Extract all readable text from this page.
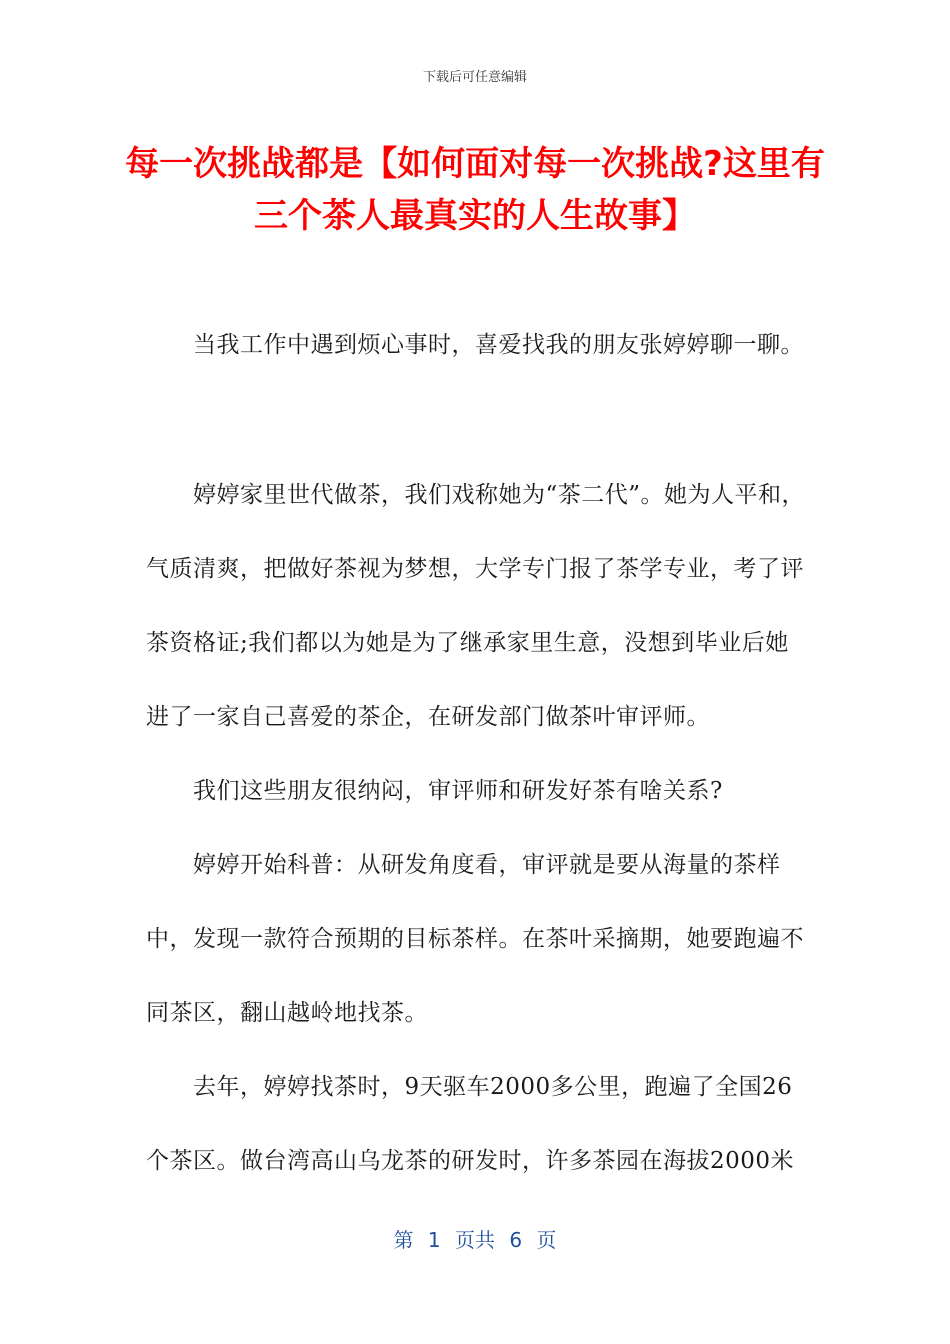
下载后可任意编辑
每一次挑战都是【如何面对每一次挑战?这里有三个茶人最真实的人生故事】
当我工作中遇到烦心事时，喜爱找我的朋友张婷婷聊一聊。
婷婷家里世代做茶，我们戏称她为“茶二代”。她为人平和，气质清爽，把做好茶视为梦想，大学专门报了茶学专业，考了评茶资格证;我们都以为她是为了继承家里生意，没想到毕业后她进了一家自己喜爱的茶企，在研发部门做茶叶审评师。
我们这些朋友很纳闷，审评师和研发好茶有啥关系?
婷婷开始科普：从研发角度看，审评就是要从海量的茶样中，发现一款符合预期的目标茶样。在茶叶采摘期，她要跑遍不同茶区，翻山越岭地找茶。
去年，婷婷找茶时，9天驱车2000多公里，跑遍了全国26个茶区。做台湾高山乌龙茶的研发时，许多茶园在海拔2000米
第 1 页共 6 页
